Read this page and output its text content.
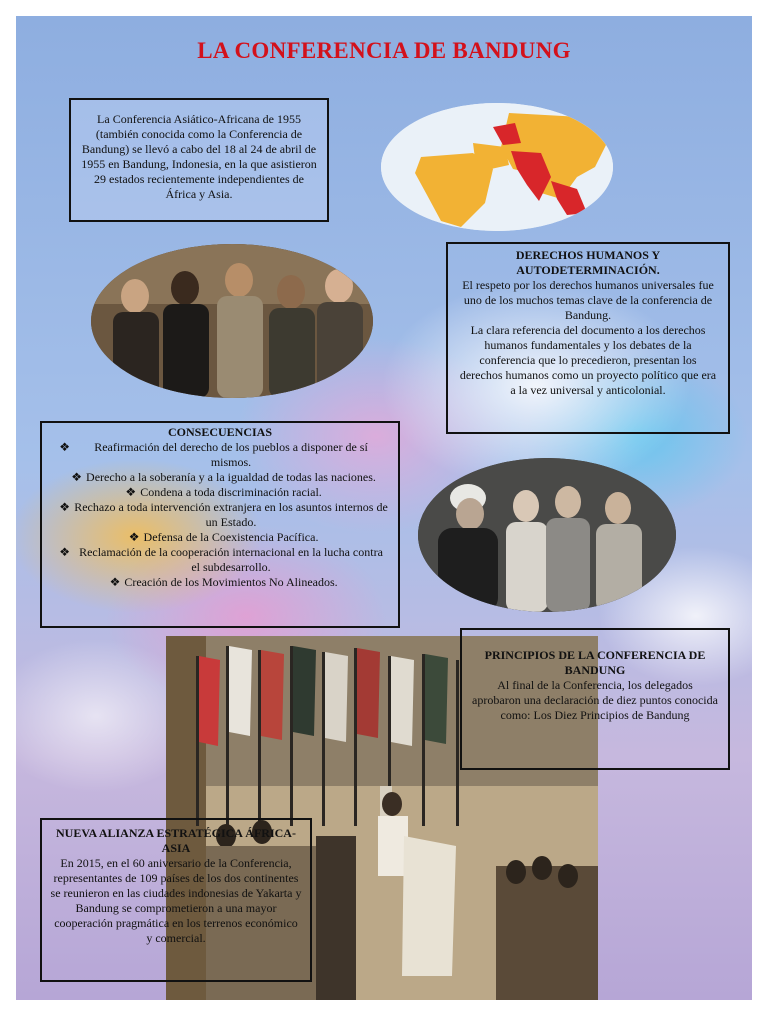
LA CONFERENCIA DE BANDUNG
La Conferencia Asiático-Africana de 1955 (también conocida como la Conferencia de Bandung) se llevó a cabo del 18 al 24 de abril de 1955 en Bandung, Indonesia, en la que asistieron 29 estados recientemente independientes de África y Asia.
DERECHOS HUMANOS Y AUTODETERMINACIÓN.
El respeto por los derechos humanos universales fue uno de los muchos temas clave de la conferencia de Bandung.
La clara referencia del documento a los derechos humanos fundamentales y los debates de la conferencia que lo precedieron, presentan los derechos humanos como un proyecto político que era a la vez universal y anticolonial.
CONSECUENCIAS
❖	Reafirmación del derecho de los pueblos a disponer de sí mismos.
❖ Derecho a la soberanía y a la igualdad de todas las naciones.
❖ Condena a toda discriminación racial.
❖ Rechazo a toda intervención extranjera en los asuntos internos de un Estado.
❖ Defensa de la Coexistencia Pacífica.
❖ Reclamación de la cooperación internacional en la lucha contra el subdesarrollo.
❖ Creación de los Movimientos No Alineados.
PRINCIPIOS DE LA CONFERENCIA DE BANDUNG
Al final de la Conferencia, los delegados aprobaron una declaración de diez puntos conocida como: Los Diez Principios de Bandung
NUEVA ALIANZA ESTRATÉGICA ÁFRICA-ASIA
En 2015, en el 60 aniversario de la Conferencia, representantes de 109 países de los dos continentes se reunieron en las ciudades indonesias de Yakarta y Bandung se comprometieron a una mayor cooperación pragmática en los terrenos económico y comercial.
